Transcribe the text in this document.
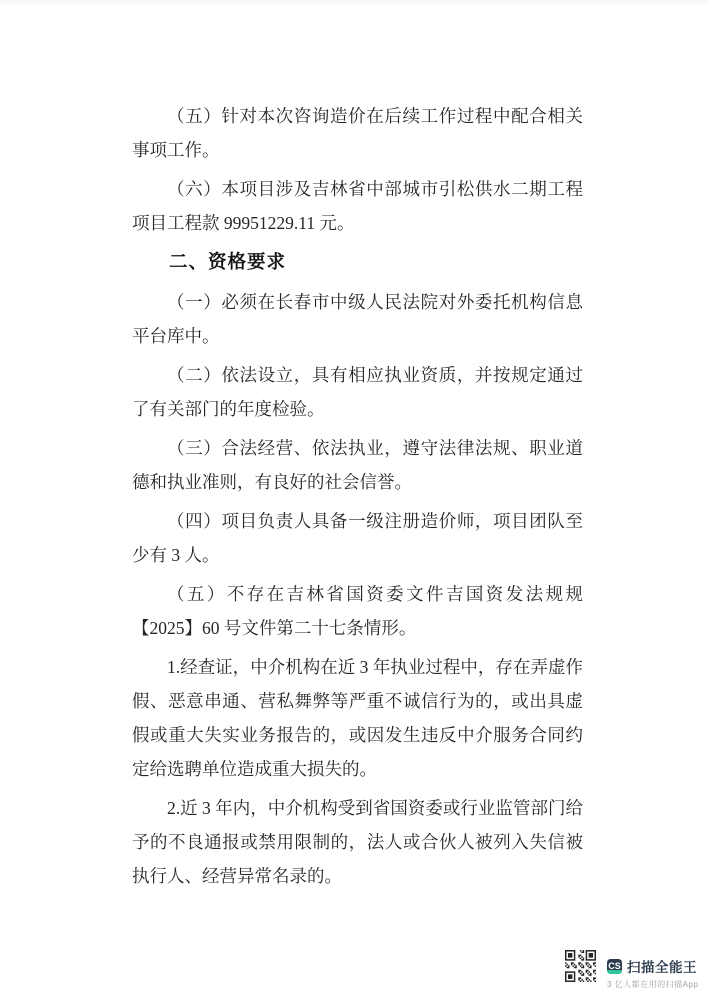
（五）针对本次咨询造价在后续工作过程中配合相关事项工作。

（六）本项目涉及吉林省中部城市引松供水二期工程项目工程款 99951229.11 元。

二、资格要求

（一）必须在长春市中级人民法院对外委托机构信息平台库中。

（二）依法设立，具有相应执业资质，并按规定通过了有关部门的年度检验。

（三）合法经营、依法执业，遵守法律法规、职业道德和执业准则，有良好的社会信誉。

（四）项目负责人具备一级注册造价师，项目团队至少有 3 人。

（五）不存在吉林省国资委文件吉国资发法规规【2025】60 号文件第二十七条情形。

1.经查证，中介机构在近 3 年执业过程中，存在弄虚作假、恶意串通、营私舞弊等严重不诚信行为的，或出具虚假或重大失实业务报告的，或因发生违反中介服务合同约定给选聘单位造成重大损失的。

2.近 3 年内，中介机构受到省国资委或行业监管部门给予的不良通报或禁用限制的，法人或合伙人被列入失信被执行人、经营异常名录的。

CS 扫描全能王
3 亿人都在用的扫描App
